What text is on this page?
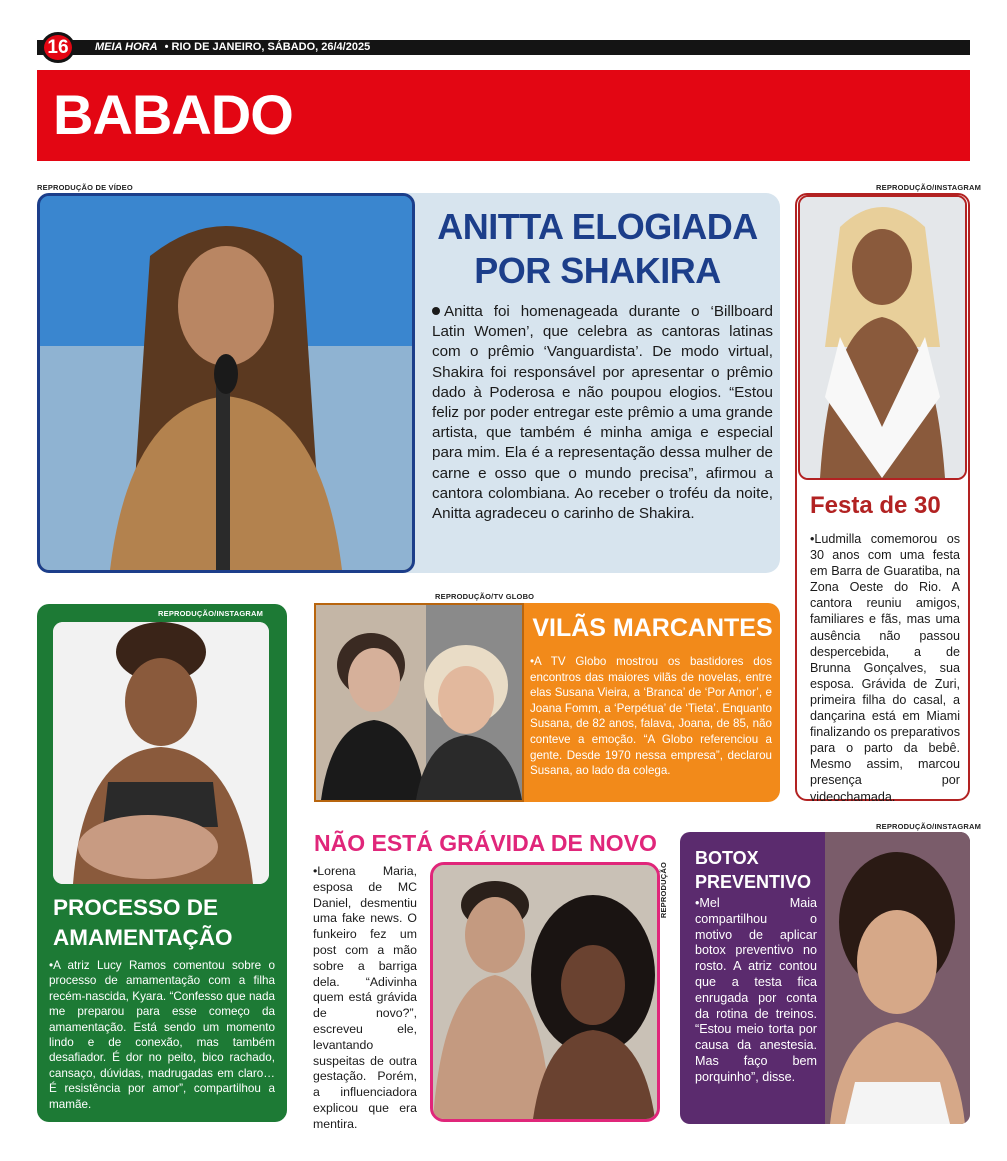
16	MEIA HORA • RIO DE JANEIRO, SÁBADO, 26/4/2025
BABADO
REPRODUÇÃO DE VÍDEO
ANITTA ELOGIADA
POR SHAKIRA
Anitta foi homenageada durante o ‘Billboard Latin Women’, que celebra as cantoras latinas com o prêmio ‘Vanguardista’. De modo virtual, Shakira foi responsável por apresentar o prêmio dado à Poderosa e não poupou elogios. “Estou feliz por poder entregar este prêmio a uma grande artista, que também é minha amiga e especial para mim. Ela é a representação dessa mulher de carne e osso que o mundo precisa”, afirmou a cantora colombiana. Ao receber o troféu da noite, Anitta agradeceu o carinho de Shakira.
REPRODUÇÃO/INSTAGRAM
Festa de 30
•Ludmilla comemorou os 30 anos com uma festa em Barra de Guaratiba, na Zona Oeste do Rio. A cantora reuniu amigos, familiares e fãs, mas uma ausência não passou despercebida, a de Brunna Gonçalves, sua esposa. Grávida de Zuri, primeira filha do casal, a dançarina está em Miami finalizando os preparativos para o parto da bebê. Mesmo assim, marcou presença por videochamada.
REPRODUÇÃO/INSTAGRAM
PROCESSO DE
AMAMENTAÇÃO
•A atriz Lucy Ramos comentou sobre o processo de amamentação com a filha recém-nascida, Kyara. “Confesso que nada me preparou para esse começo da amamentação. Está sendo um momento lindo e de conexão, mas também desafiador. É dor no peito, bico rachado, cansaço, dúvidas, madrugadas em claro… É resistência por amor”, compartilhou a mamãe.
REPRODUÇÃO/TV GLOBO
VILÃS MARCANTES
•A TV Globo mostrou os bastidores dos encontros das maiores vilãs de novelas, entre elas Susana Vieira, a ‘Branca’ de ‘Por Amor’, e Joana Fomm, a ‘Perpétua’ de ‘Tieta’. Enquanto Susana, de 82 anos, falava, Joana, de 85, não conteve a emoção. “A Globo referenciou a gente. Desde 1970 nessa empresa”, declarou Susana, ao lado da colega.
NÃO ESTÁ GRÁVIDA DE NOVO
•Lorena Maria, esposa de MC Daniel, desmentiu uma fake news. O funkeiro fez um post com a mão sobre a barriga dela. “Adivinha quem está grávida de novo?”, escreveu ele, levantando suspeitas de outra gestação. Porém, a influenciadora explicou que era mentira.
REPRODUÇÃO
REPRODUÇÃO/INSTAGRAM
BOTOX
PREVENTIVO
•Mel Maia compartilhou o motivo de aplicar botox preventivo no rosto. A atriz contou que a testa fica enrugada por conta da rotina de treinos. “Estou meio torta por causa da anestesia. Mas faço bem porquinho”, disse.
